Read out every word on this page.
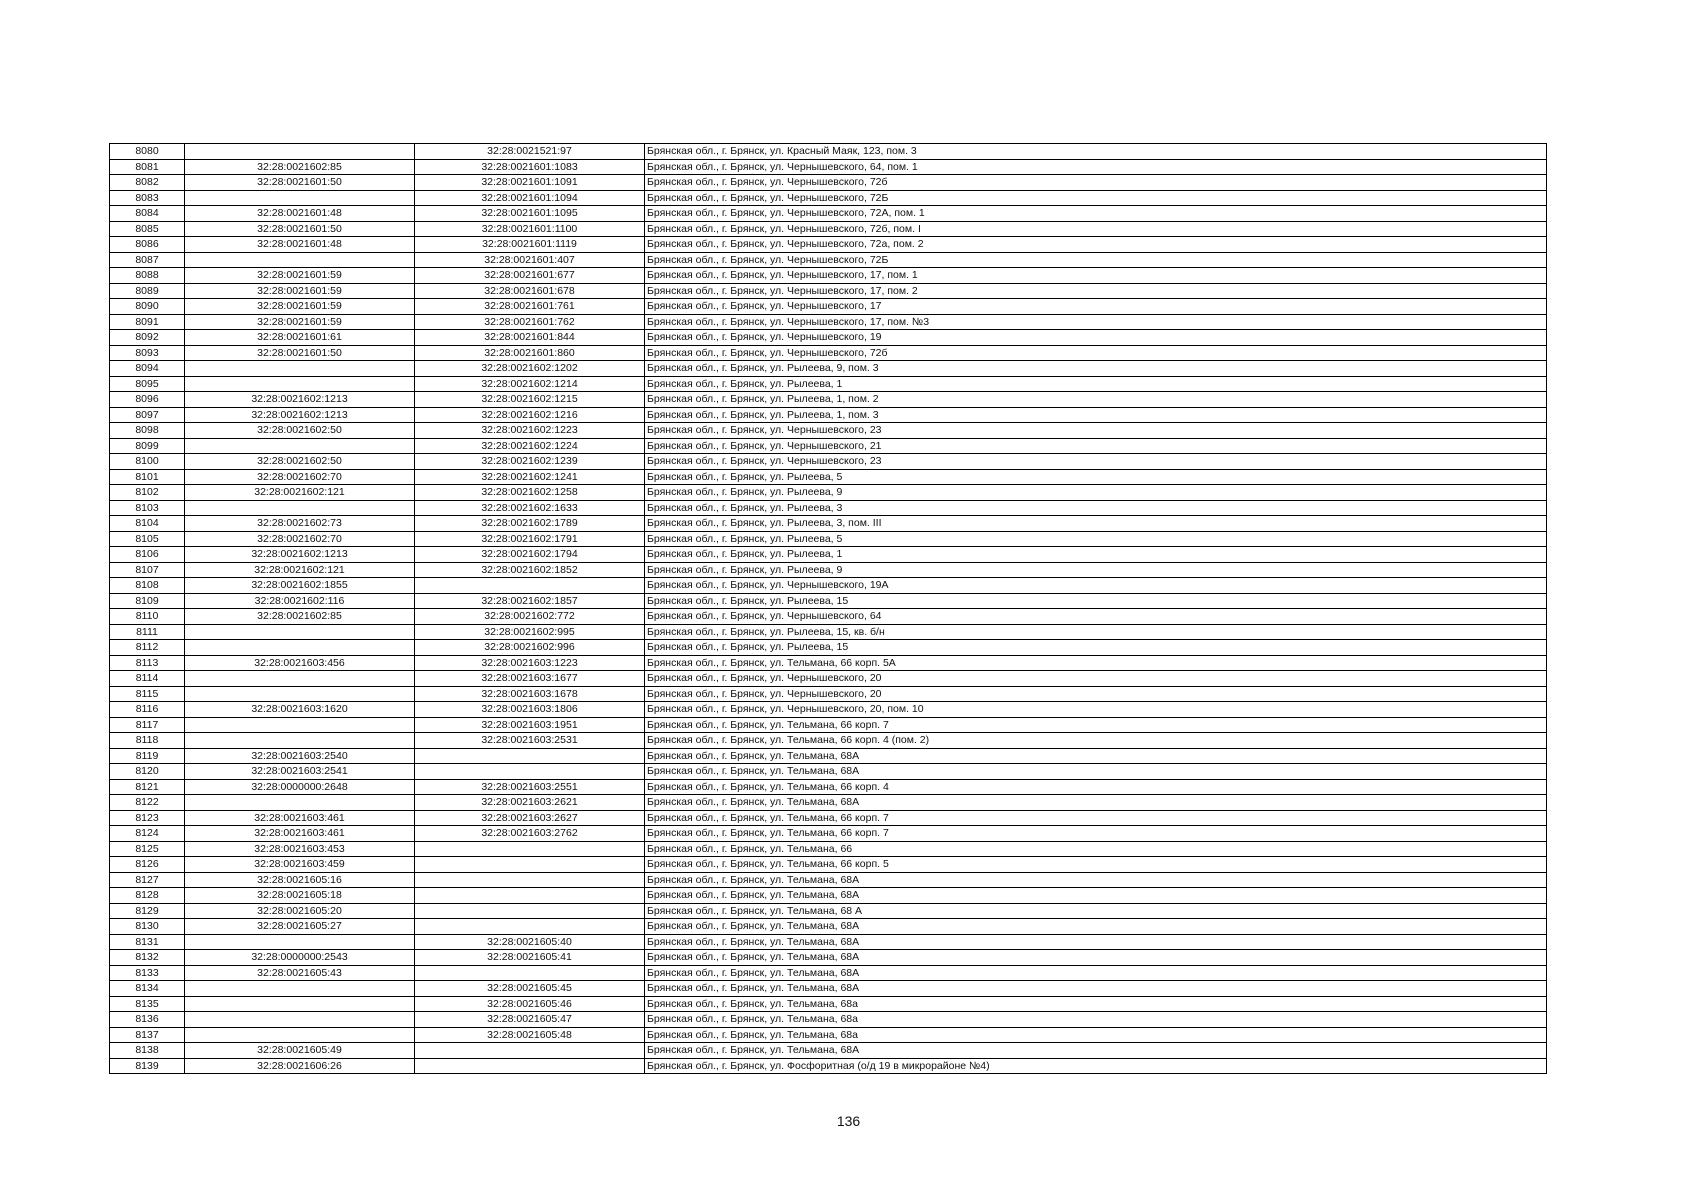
8080		32:28:0021521:97	Брянская обл., г. Брянск, ул. Красный Маяк, 123, пом. 3
8081	32:28:0021602:85	32:28:0021601:1083	Брянская обл., г. Брянск, ул. Чернышевского, 64, пом. 1
8082	32:28:0021601:50	32:28:0021601:1091	Брянская обл., г. Брянск, ул. Чернышевского, 72б
8083		32:28:0021601:1094	Брянская обл., г. Брянск, ул. Чернышевского, 72Б
8084	32:28:0021601:48	32:28:0021601:1095	Брянская обл., г. Брянск, ул. Чернышевского, 72А, пом. 1
8085	32:28:0021601:50	32:28:0021601:1100	Брянская обл., г. Брянск, ул. Чернышевского, 72б, пом. I
8086	32:28:0021601:48	32:28:0021601:1119	Брянская обл., г. Брянск, ул. Чернышевского, 72а, пом. 2
8087		32:28:0021601:407	Брянская обл., г. Брянск, ул. Чернышевского, 72Б
8088	32:28:0021601:59	32:28:0021601:677	Брянская обл., г. Брянск, ул. Чернышевского, 17, пом. 1
8089	32:28:0021601:59	32:28:0021601:678	Брянская обл., г. Брянск, ул. Чернышевского, 17, пом. 2
8090	32:28:0021601:59	32:28:0021601:761	Брянская обл., г. Брянск, ул. Чернышевского, 17
8091	32:28:0021601:59	32:28:0021601:762	Брянская обл., г. Брянск, ул. Чернышевского, 17, пом. №3
8092	32:28:0021601:61	32:28:0021601:844	Брянская обл., г. Брянск, ул. Чернышевского, 19
8093	32:28:0021601:50	32:28:0021601:860	Брянская обл., г. Брянск, ул. Чернышевского, 72б
8094		32:28:0021602:1202	Брянская обл., г. Брянск, ул. Рылеева, 9, пом. 3
8095		32:28:0021602:1214	Брянская обл., г. Брянск, ул. Рылеева, 1
8096	32:28:0021602:1213	32:28:0021602:1215	Брянская обл., г. Брянск, ул. Рылеева, 1, пом. 2
8097	32:28:0021602:1213	32:28:0021602:1216	Брянская обл., г. Брянск, ул. Рылеева, 1, пом. 3
8098	32:28:0021602:50	32:28:0021602:1223	Брянская обл., г. Брянск, ул. Чернышевского, 23
8099		32:28:0021602:1224	Брянская обл., г. Брянск, ул. Чернышевского, 21
8100	32:28:0021602:50	32:28:0021602:1239	Брянская обл., г. Брянск, ул. Чернышевского, 23
8101	32:28:0021602:70	32:28:0021602:1241	Брянская обл., г. Брянск, ул. Рылеева, 5
8102	32:28:0021602:121	32:28:0021602:1258	Брянская обл., г. Брянск, ул. Рылеева, 9
8103		32:28:0021602:1633	Брянская обл., г. Брянск, ул. Рылеева, 3
8104	32:28:0021602:73	32:28:0021602:1789	Брянская обл., г. Брянск, ул. Рылеева, 3, пом. III
8105	32:28:0021602:70	32:28:0021602:1791	Брянская обл., г. Брянск, ул. Рылеева, 5
8106	32:28:0021602:1213	32:28:0021602:1794	Брянская обл., г. Брянск, ул. Рылеева, 1
8107	32:28:0021602:121	32:28:0021602:1852	Брянская обл., г. Брянск, ул. Рылеева, 9
8108	32:28:0021602:1855		Брянская обл., г. Брянск, ул. Чернышевского, 19А
8109	32:28:0021602:116	32:28:0021602:1857	Брянская обл., г. Брянск, ул. Рылеева, 15
8110	32:28:0021602:85	32:28:0021602:772	Брянская обл., г. Брянск, ул. Чернышевского, 64
8111		32:28:0021602:995	Брянская обл., г. Брянск, ул. Рылеева, 15, кв. б/н
8112		32:28:0021602:996	Брянская обл., г. Брянск, ул. Рылеева, 15
8113	32:28:0021603:456	32:28:0021603:1223	Брянская обл., г. Брянск, ул. Тельмана, 66 корп. 5А
8114		32:28:0021603:1677	Брянская обл., г. Брянск, ул. Чернышевского, 20
8115		32:28:0021603:1678	Брянская обл., г. Брянск, ул. Чернышевского, 20
8116	32:28:0021603:1620	32:28:0021603:1806	Брянская обл., г. Брянск, ул. Чернышевского, 20, пом. 10
8117		32:28:0021603:1951	Брянская обл., г. Брянск, ул. Тельмана, 66 корп. 7
8118		32:28:0021603:2531	Брянская обл., г. Брянск, ул. Тельмана, 66 корп. 4 (пом. 2)
8119	32:28:0021603:2540		Брянская обл., г. Брянск, ул. Тельмана, 68А
8120	32:28:0021603:2541		Брянская обл., г. Брянск, ул. Тельмана, 68А
8121	32:28:0000000:2648	32:28:0021603:2551	Брянская обл., г. Брянск, ул. Тельмана, 66 корп. 4
8122		32:28:0021603:2621	Брянская обл., г. Брянск, ул. Тельмана, 68А
8123	32:28:0021603:461	32:28:0021603:2627	Брянская обл., г. Брянск, ул. Тельмана, 66 корп. 7
8124	32:28:0021603:461	32:28:0021603:2762	Брянская обл., г. Брянск, ул. Тельмана, 66 корп. 7
8125	32:28:0021603:453		Брянская обл., г. Брянск, ул. Тельмана, 66
8126	32:28:0021603:459		Брянская обл., г. Брянск, ул. Тельмана, 66 корп. 5
8127	32:28:0021605:16		Брянская обл., г. Брянск, ул. Тельмана, 68А
8128	32:28:0021605:18		Брянская обл., г. Брянск, ул. Тельмана, 68А
8129	32:28:0021605:20		Брянская обл., г. Брянск, ул. Тельмана, 68 А
8130	32:28:0021605:27		Брянская обл., г. Брянск, ул. Тельмана, 68А
8131		32:28:0021605:40	Брянская обл., г. Брянск, ул. Тельмана, 68А
8132	32:28:0000000:2543	32:28:0021605:41	Брянская обл., г. Брянск, ул. Тельмана, 68А
8133	32:28:0021605:43		Брянская обл., г. Брянск, ул. Тельмана, 68А
8134		32:28:0021605:45	Брянская обл., г. Брянск, ул. Тельмана, 68А
8135		32:28:0021605:46	Брянская обл., г. Брянск, ул. Тельмана, 68а
8136		32:28:0021605:47	Брянская обл., г. Брянск, ул. Тельмана, 68а
8137		32:28:0021605:48	Брянская обл., г. Брянск, ул. Тельмана, 68а
8138	32:28:0021605:49		Брянская обл., г. Брянск, ул. Тельмана, 68А
8139	32:28:0021606:26		Брянская обл., г. Брянск, ул. Фосфоритная (о/д 19 в микрорайоне №4)
136
